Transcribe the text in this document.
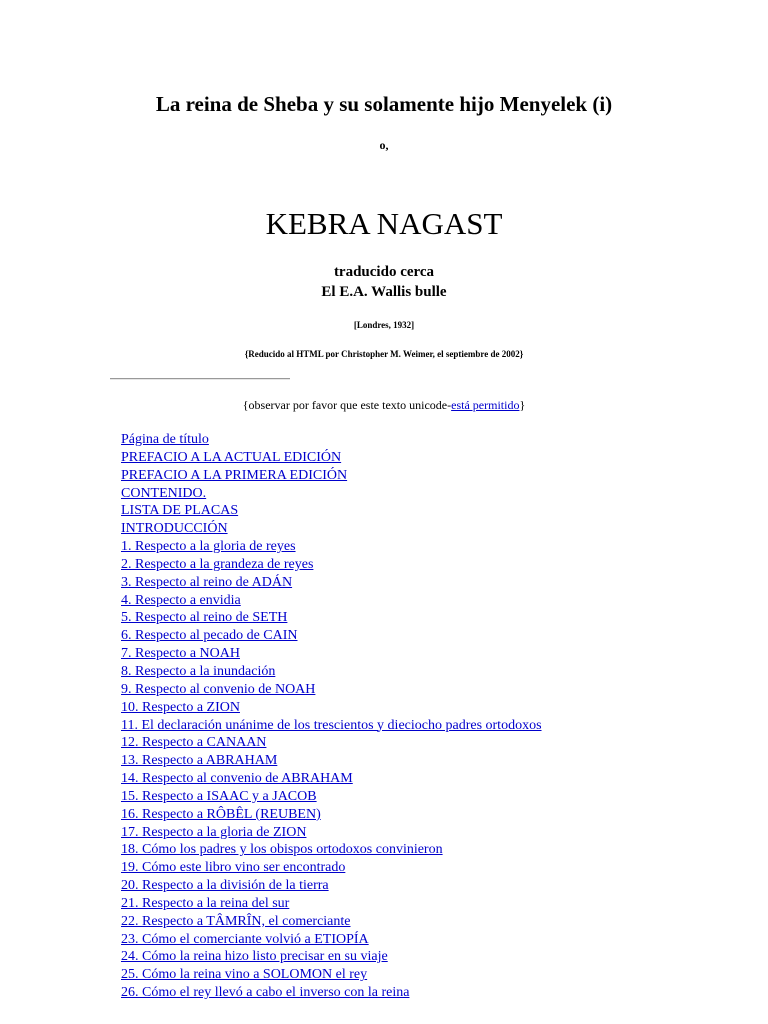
La reina de Sheba y su solamente hijo Menyelek (i)
o,
KEBRA NAGAST
traducido cerca
El E.A. Wallis bulle
[Londres, 1932]
{Reducido al HTML por Christopher M. Weimer, el septiembre de 2002}
{observar por favor que este texto unicode-está permitido}
Página de título
PREFACIO A LA ACTUAL EDICIÓN
PREFACIO A LA PRIMERA EDICIÓN
CONTENIDO.
LISTA DE PLACAS
INTRODUCCIÓN
1. Respecto a la gloria de reyes
2. Respecto a la grandeza de reyes
3. Respecto al reino de ADÁN
4. Respecto a envidia
5. Respecto al reino de SETH
6. Respecto al pecado de CAIN
7. Respecto a NOAH
8. Respecto a la inundación
9. Respecto al convenio de NOAH
10. Respecto a ZION
11. El declaración unánime de los trescientos y dieciocho padres ortodoxos
12. Respecto a CANAAN
13. Respecto a ABRAHAM
14. Respecto al convenio de ABRAHAM
15. Respecto a ISAAC y a JACOB
16. Respecto a RÔBÊL (REUBEN)
17. Respecto a la gloria de ZION
18. Cómo los padres y los obispos ortodoxos convinieron
19. Cómo este libro vino ser encontrado
20. Respecto a la división de la tierra
21. Respecto a la reina del sur
22. Respecto a TÂMRÎN, el comerciante
23. Cómo el comerciante volvió a ETIOPÍA
24. Cómo la reina hizo listo precisar en su viaje
25. Cómo la reina vino a SOLOMON el rey
26. Cómo el rey llevó a cabo el inverso con la reina
